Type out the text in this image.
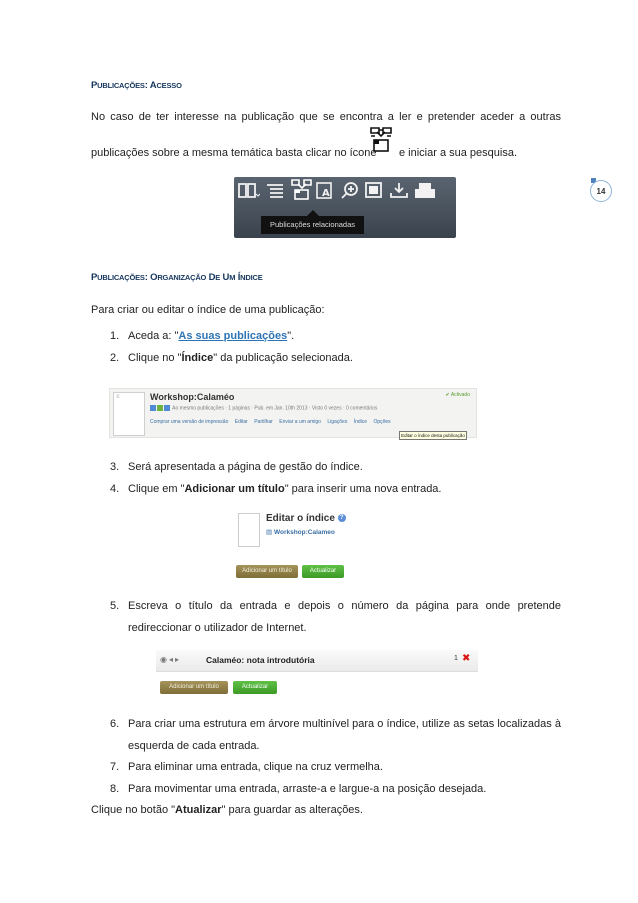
PUBLICAÇÕES: ACESSO
No caso de ter interesse na publicação que se encontra a ler e pretender aceder a outras
publicações sobre a mesma temática basta clicar no ícone e iniciar a sua pesquisa.
14
A
Publicações relacionadas
PUBLICAÇÕES: ORGANIZAÇÃO DE UM ÍNDICE
Para criar ou editar o índice de uma publicação:
1. Aceda a: "As suas publicações".
2. Clique no "Índice" da publicação selecionada.
≡	Workshop:Calaméo
Ao mesmo publicações · 1 páginas · Pub. em Jan. 10th 2013 · Visto 0 vezes · 0 comentários
Comprar uma versão de impressão Editar Partilhar Enviar a um amigo Ligações Índice Opções
✔ Activado
Editar o índice desta publicação
3. Será apresentada a página de gestão do índice.
4. Clique em "Adicionar um título" para inserir uma nova entrada.
Editar o índice ?
▤ Workshop:Calameo
Adicionar um título	Actualizar
5. Escreva o título da entrada e depois o número da página para onde pretende
redireccionar o utilizador de Internet.
◉◂▸	Calaméo: nota introdutória	1 ✖
Adicionar um título	Actualizar
6. Para criar uma estrutura em árvore multinível para o índice, utilize as setas localizadas à
esquerda de cada entrada.
7. Para eliminar uma entrada, clique na cruz vermelha.
8. Para movimentar uma entrada, arraste-a e largue-a na posição desejada.
Clique no botão "Atualizar" para guardar as alterações.
